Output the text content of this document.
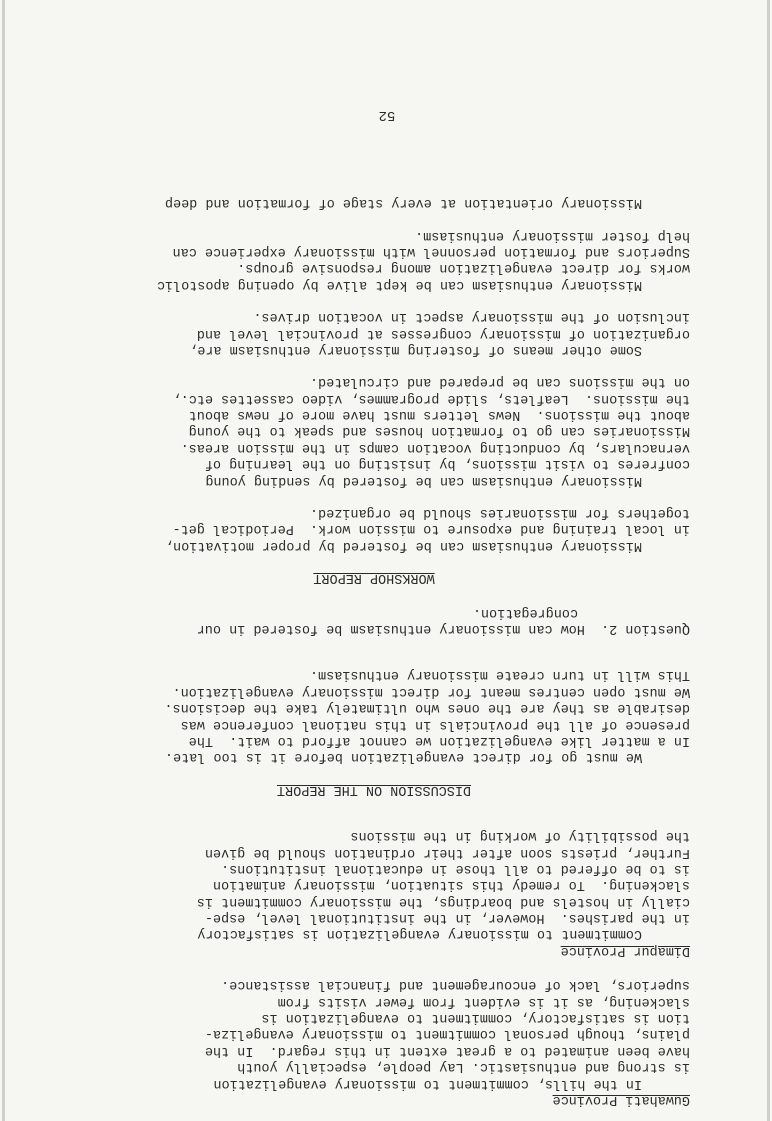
Guwahati Province
In the hills, commitment to missionary evangelization
is strong and enthusiastic. Lay people, especially youth
have been animated to a great extent in this regard.  In the
plains, though personal commitment to missionary evangeliza-
tion is satisfactory, commitment to evangelization is
slackening, as it is evident from fewer visits from
superiors, lack of encouragement and financial assistance.
Dimapur Province
Commitment to missionary evangelization is satisfactory
in the parishes.  However, in the institutional level, espe-
cially in hostels and boardings, the missionary commitment is
slackening.  To remedy this situation, missionary animation
is to be offered to all those in educational institutions.
Further, priests soon after their ordination should be given
the possibility of working in the missions
DISCUSSION ON THE REPORT
We must go for direct evangelization before it is too late.
In a matter like evangelization we cannot afford to wait.  The
presence of all the provincials in this national conference was
desirable as they are the ones who ultimately take the decisions.
We must open centres meant for direct missionary evangelization.
This will in turn create missionary enthusiasm.
Question 2.  How can missionary enthusiasm be fostered in our
congregation.
WORKSHOP REPORT
Missionary enthusiasm can be fostered by proper motivation,
in local training and exposure to mission work.  Periodical get-
togethers for missionaries should be organized.
Missionary enthusiasm can be fostered by sending young
confreres to visit missions, by insisting on the learning of
vernaculars, by conducting vocation camps in the mission areas.
Missionaries can go to formation houses and speak to the young
about the missions.  News letters must have more of news about
the missions.  Leaflets, slide programmes, video cassettes etc.,
on the missions can be prepared and circulated.
Some other means of fostering missionary enthusiasm are,
organization of missionary congresses at provincial level and
inclusion of the missionary aspect in vocation drives.
Missionary enthusiasm can be kept alive by opening apostolic
works for direct evangelization among responsive groups.
Superiors and formation personnel with missionary experience can
help foster missionary enthusiasm.
Missionary orientation at every stage of formation and deep
52
